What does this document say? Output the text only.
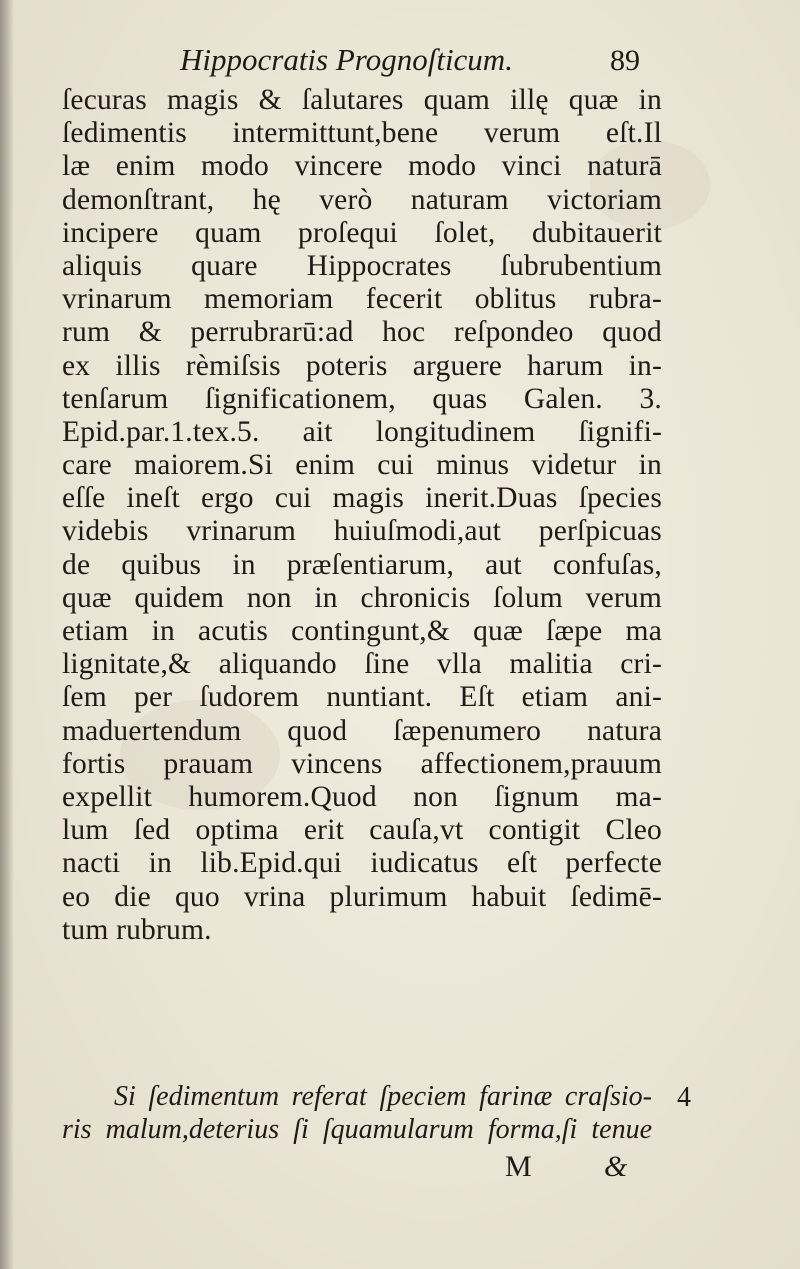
Hippocratis Prognoſticum.	89
ſecuras magis & ſalutares quam illę quæ in
ſedimentis intermittunt,bene verum eſt.Il
læ enim modo vincere modo vinci naturā
demonſtrant, hę verò naturam victoriam
incipere quam proſequi ſolet, dubitauerit
aliquis quare Hippocrates ſubrubentium
vrinarum memoriam fecerit oblitus rubra-
rum & perrubrarū:ad hoc reſpondeo quod
ex illis rèmiſsis poteris arguere harum in-
tenſarum ſignificationem, quas Galen. 3.
Epid.par.1.tex.5. ait longitudinem ſignifi-
care maiorem.Si enim cui minus videtur in
eſſe ineſt ergo cui magis inerit.Duas ſpecies
videbis vrinarum huiuſmodi,aut perſpicuas
de quibus in præſentiarum, aut confuſas,
quæ quidem non in chronicis ſolum verum
etiam in acutis contingunt,& quæ ſæpe ma
lignitate,& aliquando ſine vlla malitia cri-
ſem per ſudorem nuntiant. Eſt etiam ani-
maduertendum quod ſæpenumero natura
fortis prauam vincens affectionem,prauum
expellit humorem.Quod non ſignum ma-
lum ſed optima erit cauſa,vt contigit Cleo
nacti in lib.Epid.qui iudicatus eſt perfecte
eo die quo vrina plurimum habuit ſedimē-
tum rubrum.
Si ſedimentum referat ſpeciem farinæ craſsio-
ris malum,deterius ſi ſquamularum forma,ſi tenue
4
M &
